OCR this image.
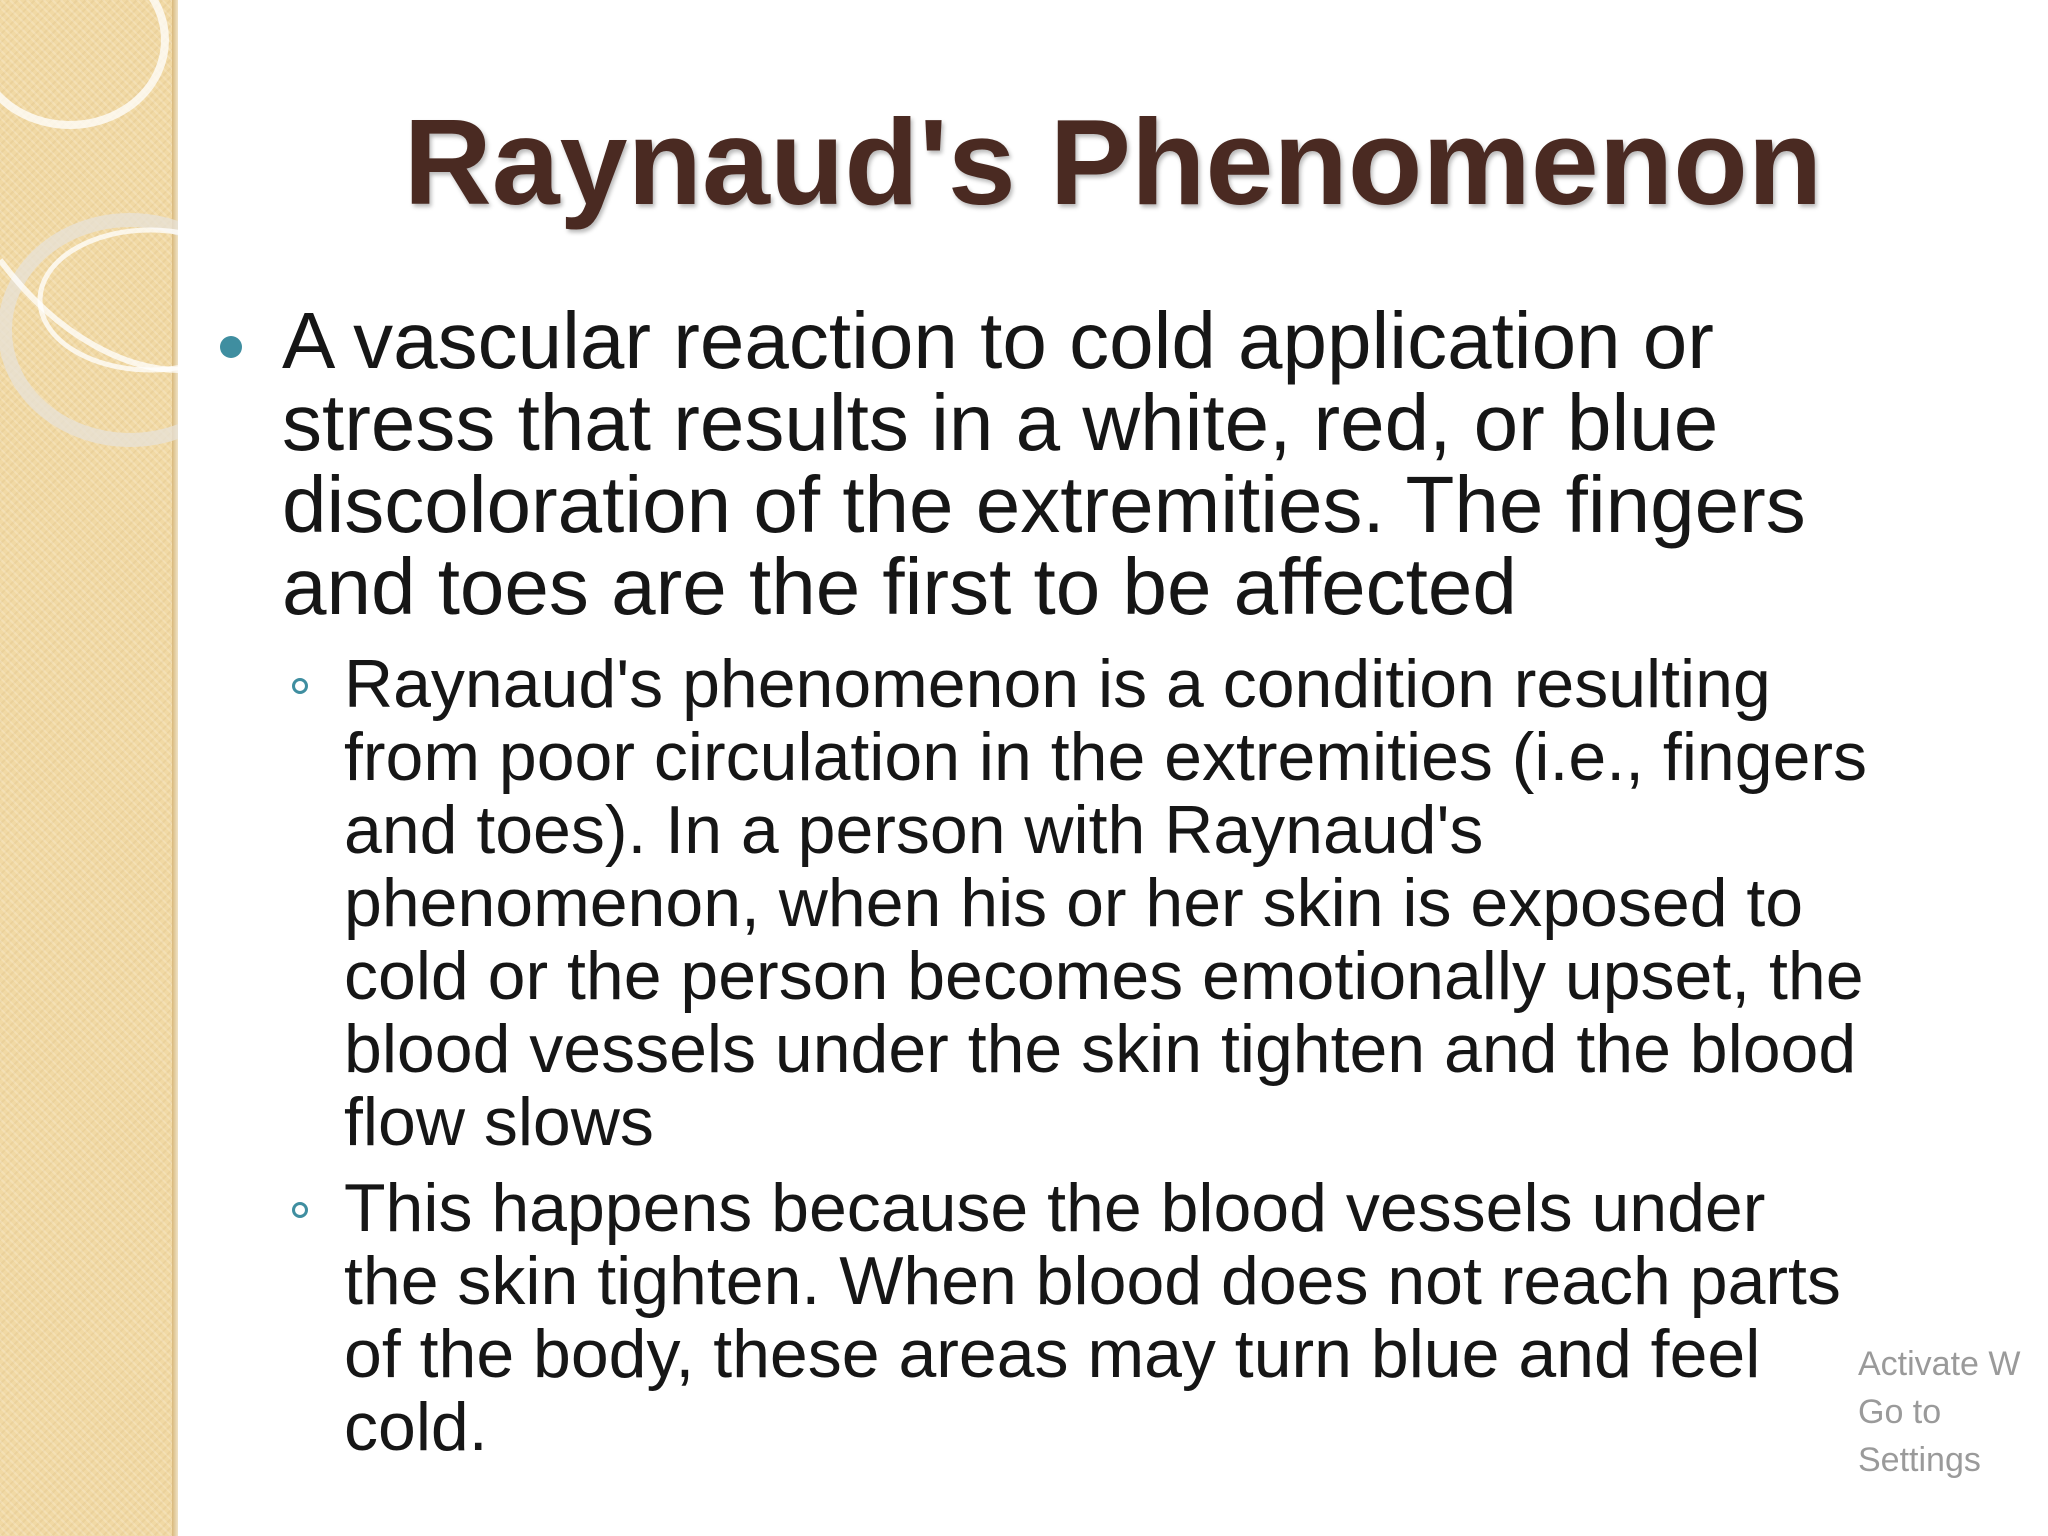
Raynaud's Phenomenon
A vascular reaction to cold application or
stress that results in a white, red, or blue
discoloration of the extremities. The fingers
and toes are the first to be affected
Raynaud's phenomenon is a condition resulting
from poor circulation in the extremities (i.e., fingers
and toes). In a person with Raynaud's
phenomenon, when his or her skin is exposed to
cold or the person becomes emotionally upset, the
blood vessels under the skin tighten and the blood
flow slows
This happens because the blood vessels under
the skin tighten. When blood does not reach parts
of the body, these areas may turn blue and feel
cold.
Activate W
Go to Settings
